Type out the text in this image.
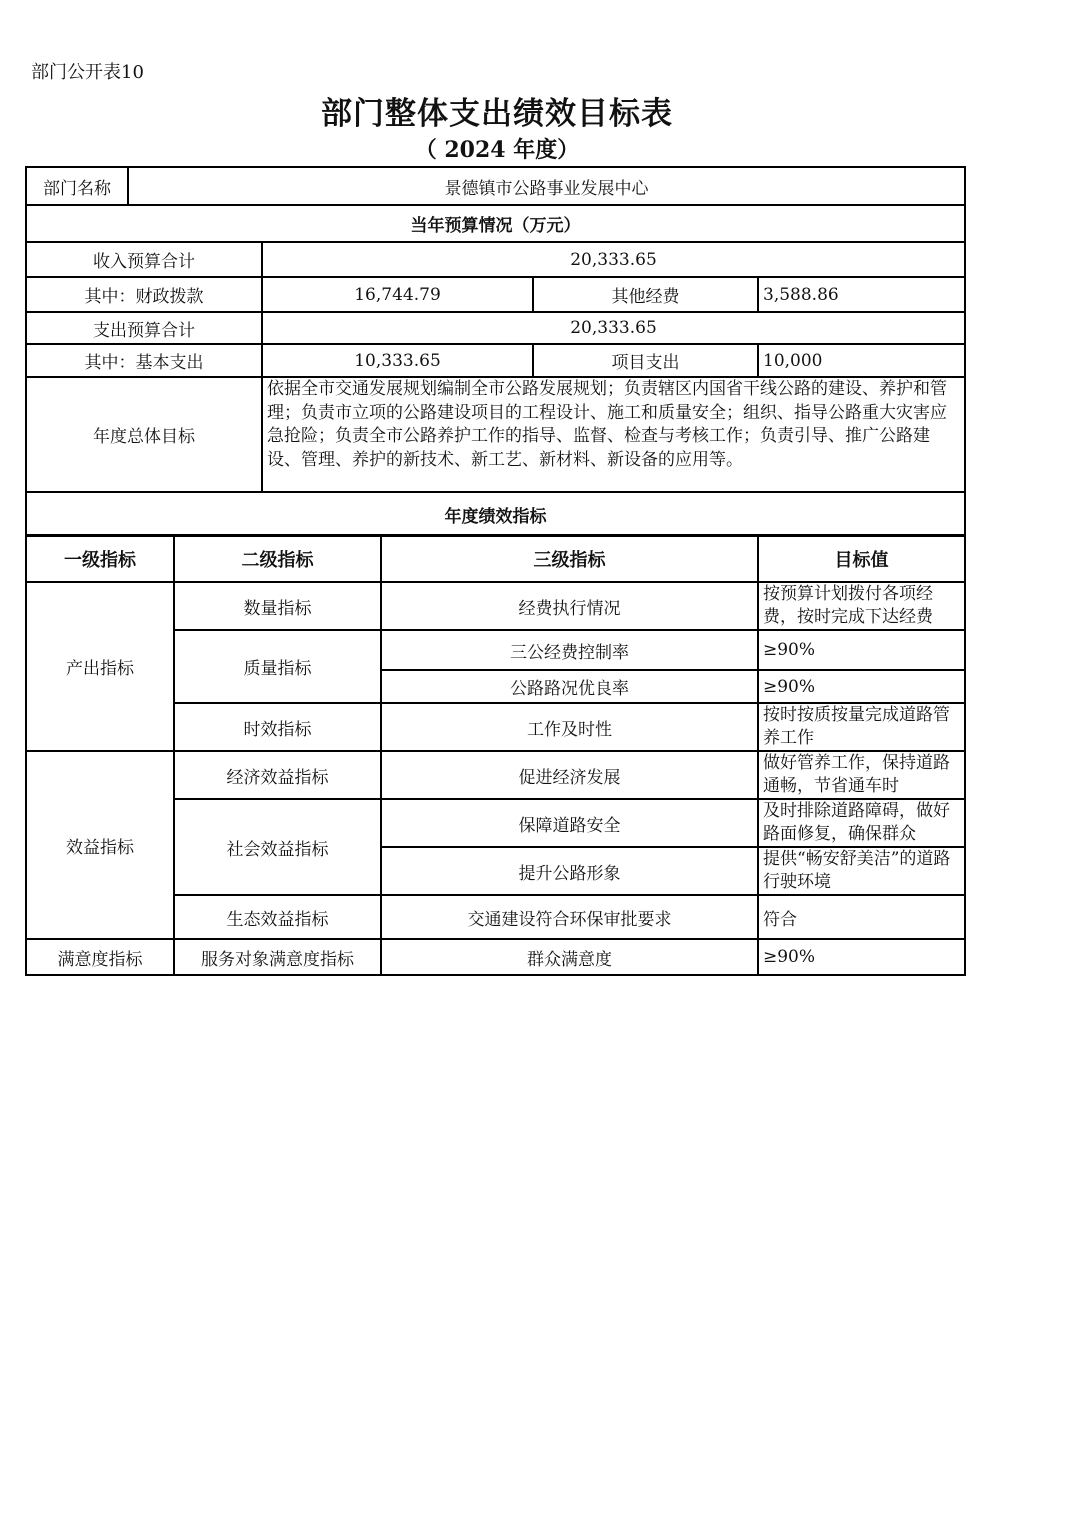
部门公开表10
部门整体支出绩效目标表
（ 2024 年度）
部门名称	景德镇市公路事业发展中心			
当年预算情况（万元）				
收入预算合计		20,333.65		
其中：财政拨款		16,744.79	其他经费	3,588.86
支出预算合计		20,333.65		
其中：基本支出		10,333.65	项目支出	10,000
年度总体目标		依据全市交通发展规划编制全市公路发展规划；负责辖区内国省干线公路的建设、养护和管理；负责市立项的公路建设项目的工程设计、施工和质量安全；组织、指导公路重大灾害应急抢险；负责全市公路养护工作的指导、监督、检查与考核工作；负责引导、推广公路建设、管理、养护的新技术、新工艺、新材料、新设备的应用等。		
年度绩效指标				
一级指标	二级指标	三级指标	目标值
产出指标	数量指标	经费执行情况	按预算计划拨付各项经费，按时完成下达经费
	质量指标	三公经费控制率	≥90%
		公路路况优良率	≥90%
	时效指标	工作及时性	按时按质按量完成道路管养工作
效益指标	经济效益指标	促进经济发展	做好管养工作，保持道路通畅，节省通车时
	社会效益指标	保障道路安全	及时排除道路障碍，做好路面修复，确保群众
		提升公路形象	提供“畅安舒美洁”的道路行驶环境
	生态效益指标	交通建设符合环保审批要求	符合
满意度指标	服务对象满意度指标	群众满意度	≥90%
